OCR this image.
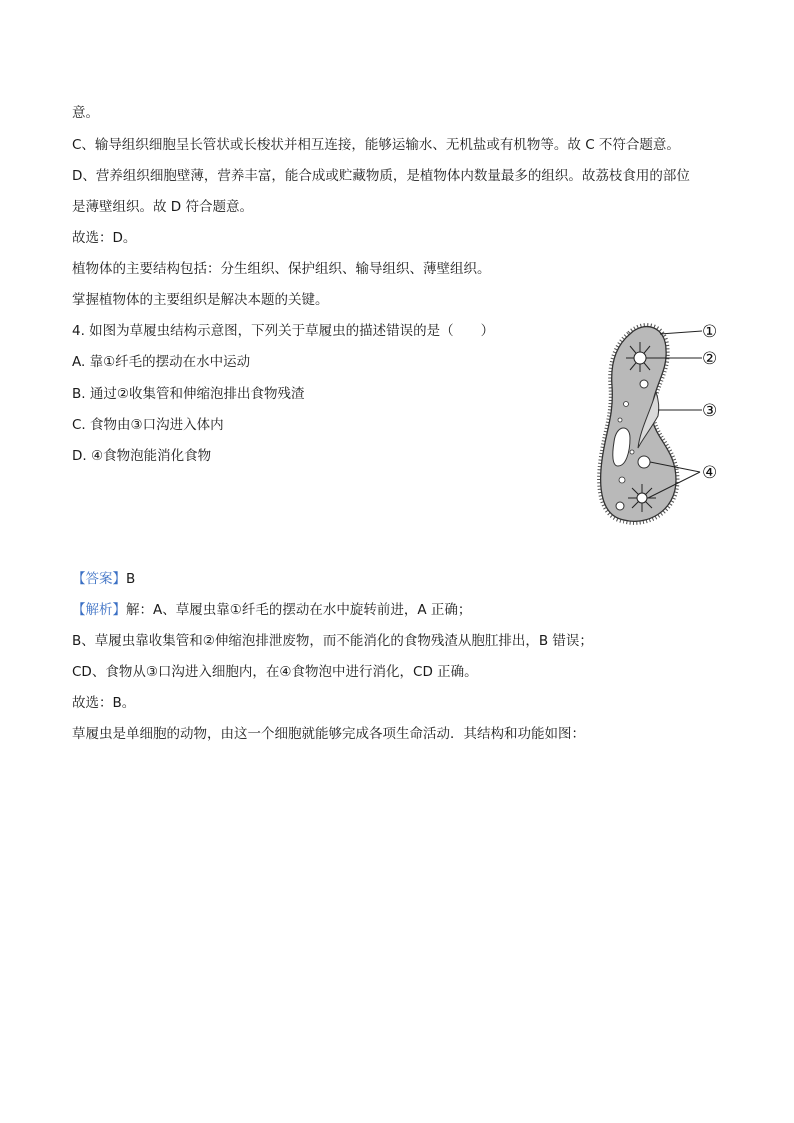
意。
C、输导组织细胞呈长管状或长梭状并相互连接，能够运输水、无机盐或有机物等。故 C 不符合题意。
D、营养组织细胞壁薄，营养丰富，能合成或贮藏物质，是植物体内数量最多的组织。故荔枝食用的部位
是薄壁组织。故 D 符合题意。
故选：D。
植物体的主要结构包括：分生组织、保护组织、输导组织、薄壁组织。
掌握植物体的主要组织是解决本题的关键。
4. 如图为草履虫结构示意图，下列关于草履虫的描述错误的是（　　）
A. 靠①纤毛的摆动在水中运动
B. 通过②收集管和伸缩泡排出食物残渣
C. 食物由③口沟进入体内
D. ④食物泡能消化食物
①
②
③
④
【答案】B
【解析】解：A、草履虫靠①纤毛的摆动在水中旋转前进，A 正确；
B、草履虫靠收集管和②伸缩泡排泄废物，而不能消化的食物残渣从胞肛排出，B 错误；
CD、食物从③口沟进入细胞内，在④食物泡中进行消化，CD 正确。
故选：B。
草履虫是单细胞的动物，由这一个细胞就能够完成各项生命活动．其结构和功能如图：
